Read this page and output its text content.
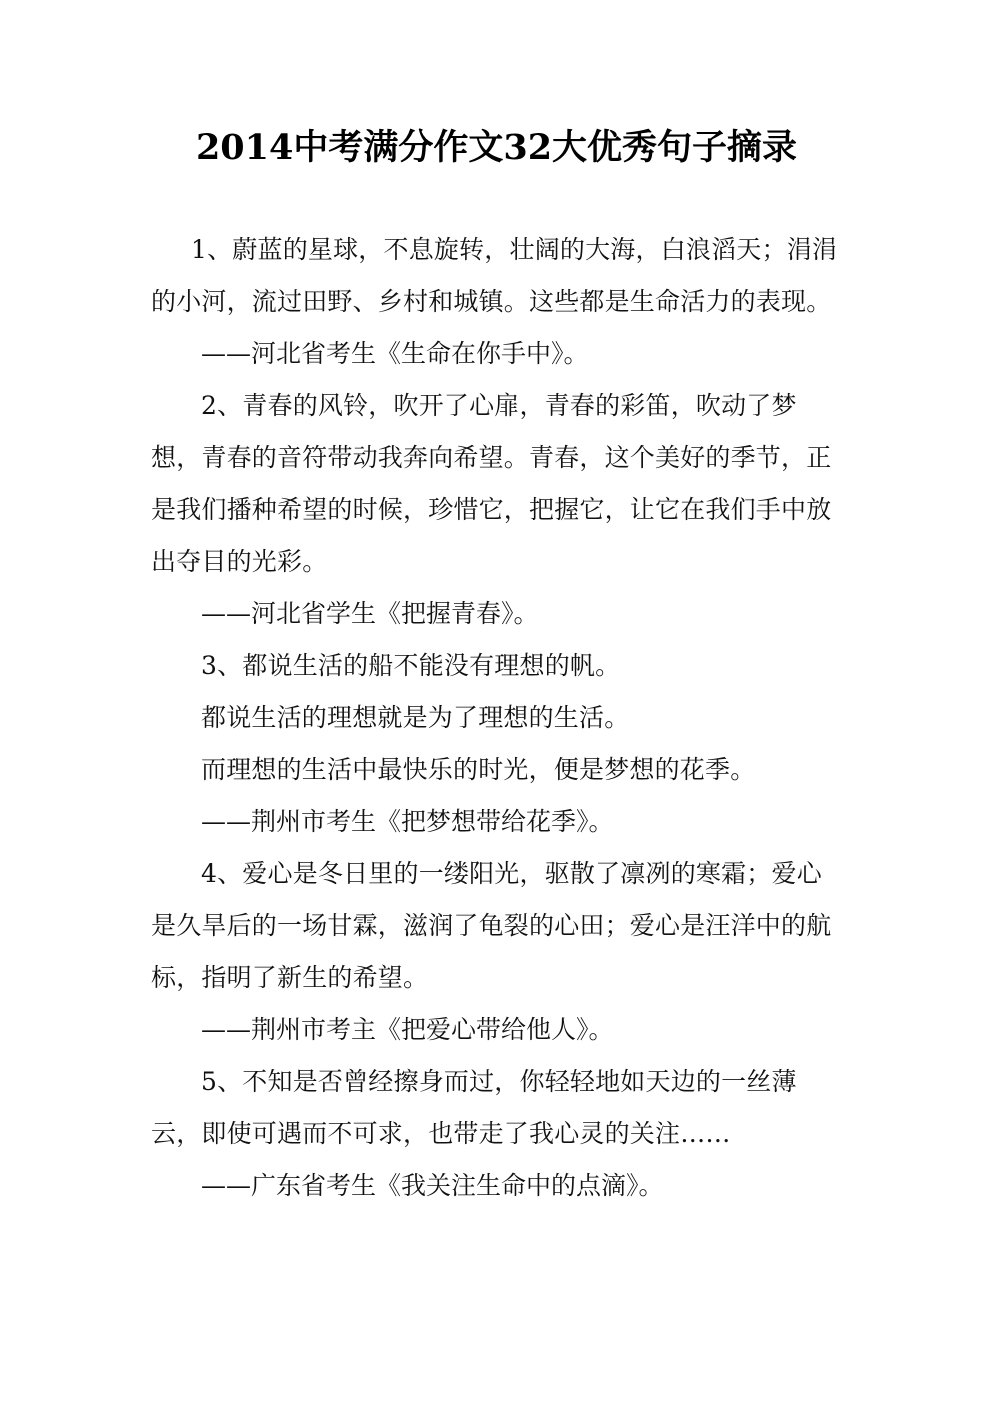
2014中考满分作文32大优秀句子摘录

1、蔚蓝的星球，不息旋转，壮阔的大海，白浪滔天；涓涓的小河，流过田野、乡村和城镇。这些都是生命活力的表现。

——河北省考生《生命在你手中》。

2、青春的风铃，吹开了心扉，青春的彩笛，吹动了梦想，青春的音符带动我奔向希望。青春，这个美好的季节，正是我们播种希望的时候，珍惜它，把握它，让它在我们手中放出夺目的光彩。

——河北省学生《把握青春》。

3、都说生活的船不能没有理想的帆。

都说生活的理想就是为了理想的生活。

而理想的生活中最快乐的时光，便是梦想的花季。

——荆州市考生《把梦想带给花季》。

4、爱心是冬日里的一缕阳光，驱散了凛冽的寒霜；爱心是久旱后的一场甘霖，滋润了龟裂的心田；爱心是汪洋中的航标，指明了新生的希望。

——荆州市考主《把爱心带给他人》。

5、不知是否曾经擦身而过，你轻轻地如天边的一丝薄云，即使可遇而不可求，也带走了我心灵的关注……

——广东省考生《我关注生命中的点滴》。
